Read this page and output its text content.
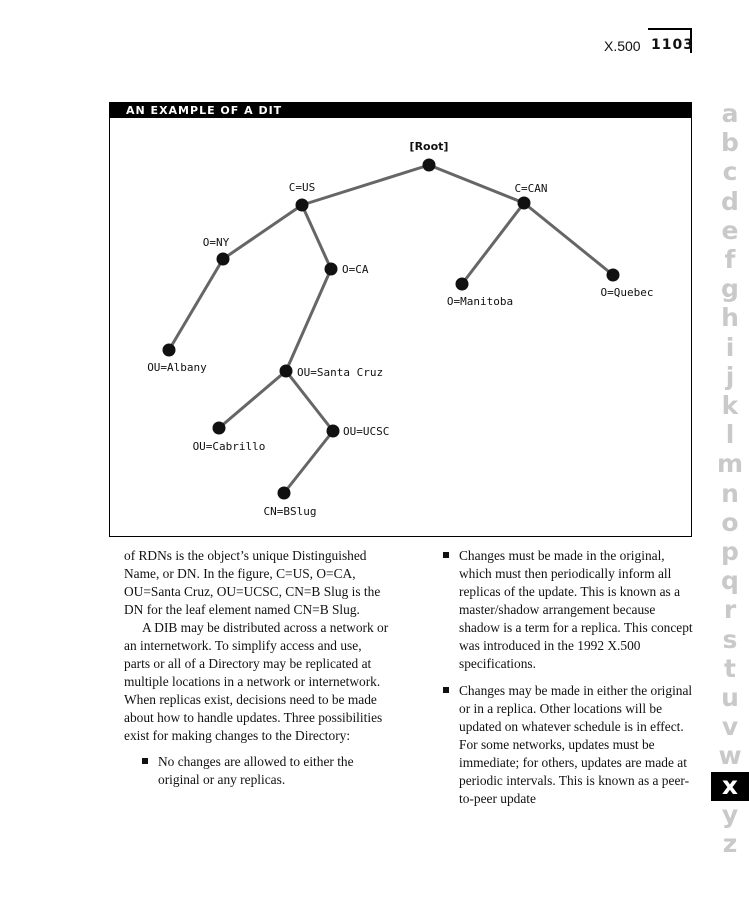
X.500 1103
AN EXAMPLE OF A DIT
[Root]
C=US	C=CAN
O=NY
O=CA
O=Manitoba
O=Quebec
OU=Albany	OU=Santa Cruz
OU=Cabrillo
OU=UCSC
CN=BSlug

of RDNs is the object’s unique Distinguished Name, or DN. In the figure, C=US, O=CA, OU=Santa Cruz, OU=UCSC, CN=B Slug is the DN for the leaf element named CN=B Slug.

A DIB may be distributed across a network or an internetwork. To simplify access and use, parts or all of a Directory may be replicated at multiple locations in a network or internetwork. When replicas exist, decisions need to be made about how to handle updates. Three possibilities exist for making changes to the Directory:

No changes are allowed to either the original or any replicas.
Changes must be made in the original, which must then periodically inform all replicas of the update. This is known as a master/shadow arrangement because shadow is a term for a replica. This concept was introduced in the 1992 X.500 specifications.
Changes may be made in either the original or in a replica. Other locations will be updated on whatever schedule is in effect. For some networks, updates must be immediate; for others, updates are made at periodic intervals. This is known as a peer-to-peer update
a
b
c
d
e
f
g
h
i
j
k
l
m
n
o
p
q
r
s
t
u
v
w
x
y
z
